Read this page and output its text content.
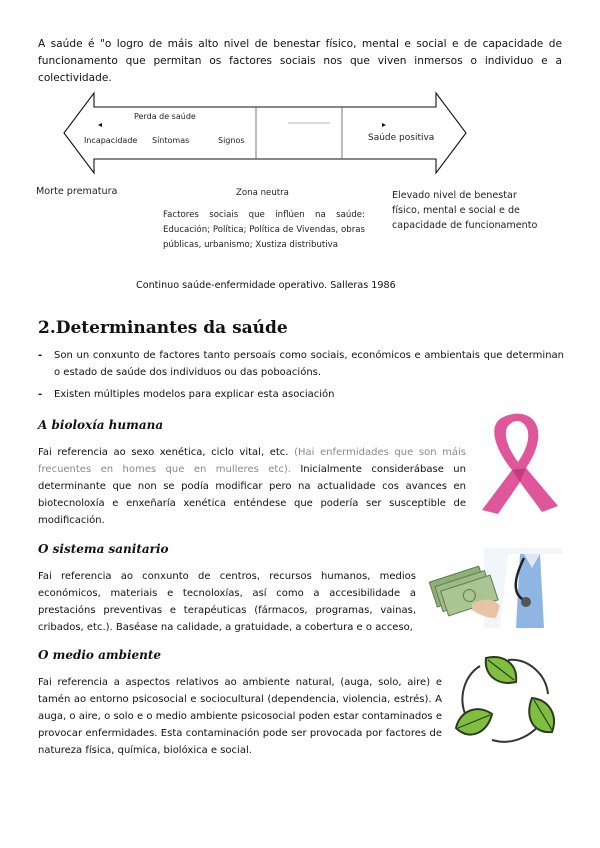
A saúde é "o logro de máis alto nivel de benestar físico, mental e social e de capacidade de funcionamento que permitan os factores sociais nos que viven inmersos o individuo e a colectividade.
Perda de saúde
Incapacidade Síntomas	Signos	Saúde positiva
Morte prematura	Zona neutra	Elevado nivel de benestar físico, mental e social e de capacidade de funcionamento
Factores sociais que inflúen na saúde: Educación; Política; Política de Vivendas, obras públicas, urbanismo; Xustiza distributiva
Continuo saúde-enfermidade operativo. Salleras 1986
2.Determinantes da saúde
- Son un conxunto de factores tanto persoais como sociais, económicos e ambientais que determinan o estado de saúde dos individuos ou das poboacións.
- Existen múltiples modelos para explicar esta asociación
A bioloxía humana
Fai referencia ao sexo xenética, ciclo vital, etc. (Hai enfermidades que son máis frecuentes en homes que en mulleres etc). Inicialmente considerábase un determinante que non se podía modificar pero na actualidade cos avances en biotecnoloxía e enxeñaría xenética enténdese que podería ser susceptible de modificación.
O sistema sanitario
Fai referencia ao conxunto de centros, recursos humanos, medios económicos, materiais e tecnoloxías, así como a accesibilidade a prestacións preventivas e terapéuticas (fármacos, programas, vainas, cribados, etc.). Baséase na calidade, a gratuidade, a cobertura e o acceso,
O medio ambiente
Fai referencia a aspectos relativos ao ambiente natural, (auga, solo, aire) e tamén ao entorno psicosocial e sociocultural (dependencia, violencia, estrés). A auga, o aire, o solo e o medio ambiente psicosocial poden estar contaminados e provocar enfermidades. Esta contaminación pode ser provocada por factores de natureza física, química, biolóxica e social.
